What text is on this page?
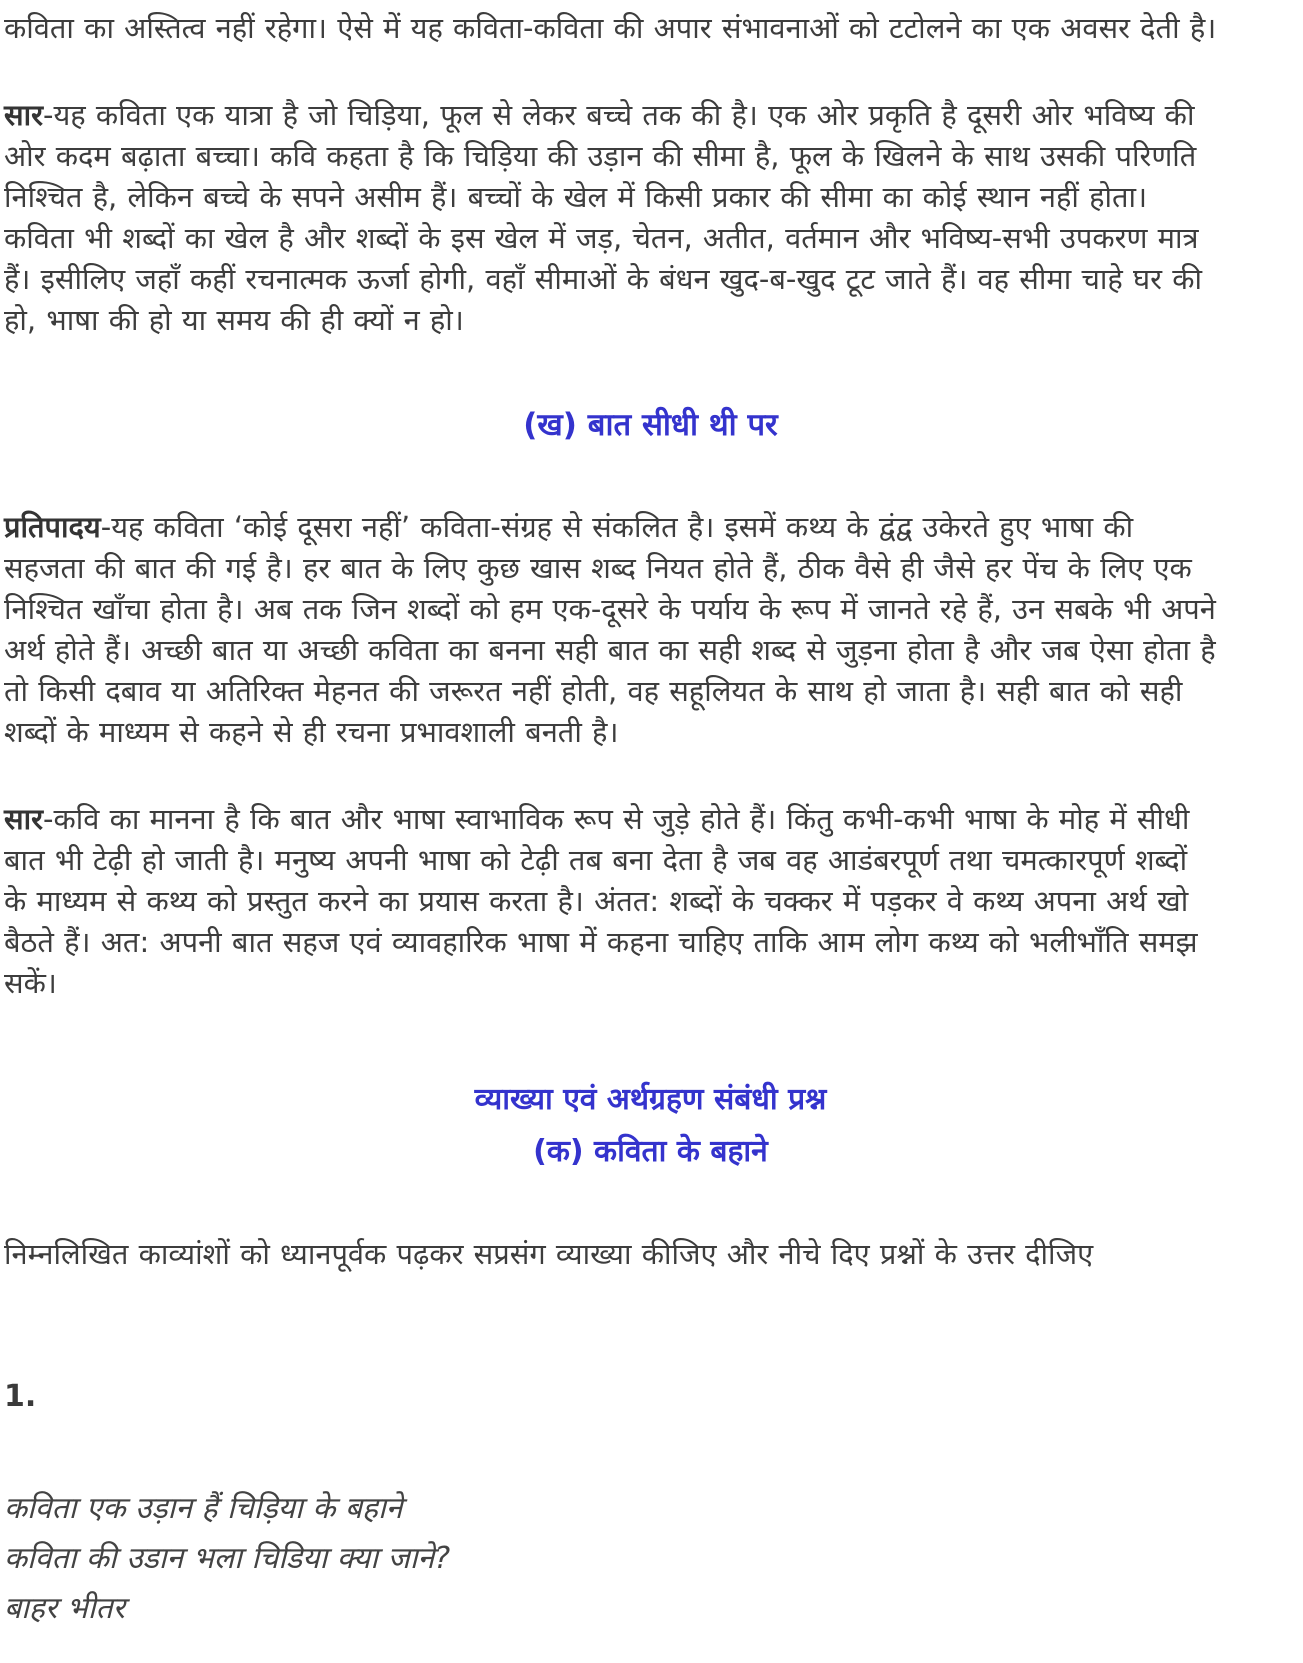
कविता का अस्तित्व नहीं रहेगा। ऐसे में यह कविता-कविता की अपार संभावनाओं को टटोलने का एक अवसर देती है।

सार-यह कविता एक यात्रा है जो चिड़िया, फूल से लेकर बच्चे तक की है। एक ओर प्रकृति है दूसरी ओर भविष्य की ओर कदम बढ़ाता बच्चा। कवि कहता है कि चिड़िया की उड़ान की सीमा है, फूल के खिलने के साथ उसकी परिणति निश्चित है, लेकिन बच्चे के सपने असीम हैं। बच्चों के खेल में किसी प्रकार की सीमा का कोई स्थान नहीं होता। कविता भी शब्दों का खेल है और शब्दों के इस खेल में जड़, चेतन, अतीत, वर्तमान और भविष्य-सभी उपकरण मात्र हैं। इसीलिए जहाँ कहीं रचनात्मक ऊर्जा होगी, वहाँ सीमाओं के बंधन खुद-ब-खुद टूट जाते हैं। वह सीमा चाहे घर की हो, भाषा की हो या समय की ही क्यों न हो।

(ख) बात सीधी थी पर

प्रतिपादय-यह कविता ‘कोई दूसरा नहीं’ कविता-संग्रह से संकलित है। इसमें कथ्य के द्वंद्व उकेरते हुए भाषा की सहजता की बात की गई है। हर बात के लिए कुछ खास शब्द नियत होते हैं, ठीक वैसे ही जैसे हर पेंच के लिए एक निश्चित खाँचा होता है। अब तक जिन शब्दों को हम एक-दूसरे के पर्याय के रूप में जानते रहे हैं, उन सबके भी अपने अर्थ होते हैं। अच्छी बात या अच्छी कविता का बनना सही बात का सही शब्द से जुड़ना होता है और जब ऐसा होता है तो किसी दबाव या अतिरिक्त मेहनत की जरूरत नहीं होती, वह सहूलियत के साथ हो जाता है। सही बात को सही शब्दों के माध्यम से कहने से ही रचना प्रभावशाली बनती है।

सार-कवि का मानना है कि बात और भाषा स्वाभाविक रूप से जुड़े होते हैं। किंतु कभी-कभी भाषा के मोह में सीधी बात भी टेढ़ी हो जाती है। मनुष्य अपनी भाषा को टेढ़ी तब बना देता है जब वह आडंबरपूर्ण तथा चमत्कारपूर्ण शब्दों के माध्यम से कथ्य को प्रस्तुत करने का प्रयास करता है। अंतत: शब्दों के चक्कर में पड़कर वे कथ्य अपना अर्थ खो बैठते हैं। अत: अपनी बात सहज एवं व्यावहारिक भाषा में कहना चाहिए ताकि आम लोग कथ्य को भलीभाँति समझ सकें।

व्याख्या एवं अर्थग्रहण संबंधी प्रश्न
(क) कविता के बहाने

निम्नलिखित काव्यांशों को ध्यानपूर्वक पढ़कर सप्रसंग व्याख्या कीजिए और नीचे दिए प्रश्नों के उत्तर दीजिए

1.
कविता एक उड़ान हैं चिड़िया के बहाने
कविता की उडान भला चिडिया क्या जाने?
बाहर भीतर
